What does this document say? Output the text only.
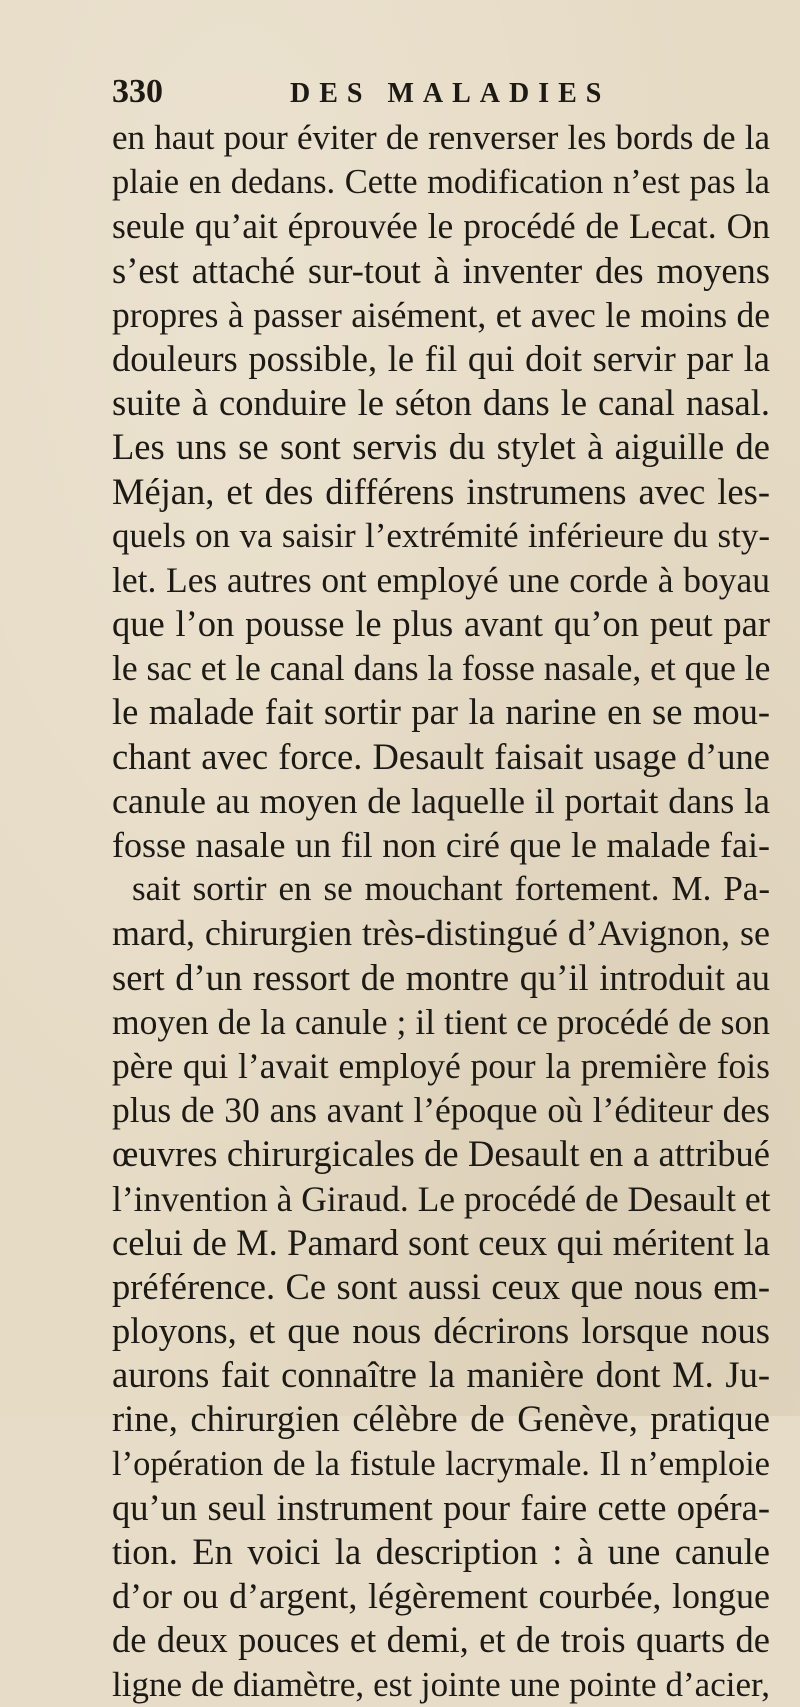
330	DES MALADIES
en haut pour éviter de renverser les bords de la
plaie en dedans. Cette modification n’est pas la
seule qu’ait éprouvée le procédé de Lecat. On
s’est attaché sur-tout à inventer des moyens
propres à passer aisément, et avec le moins de
douleurs possible, le fil qui doit servir par la
suite à conduire le séton dans le canal nasal.
Les uns se sont servis du stylet à aiguille de
Méjan, et des différens instrumens avec les-
quels on va saisir l’extrémité inférieure du sty-
let. Les autres ont employé une corde à boyau
que l’on pousse le plus avant qu’on peut par
le sac et le canal dans la fosse nasale, et que le
le malade fait sortir par la narine en se mou-
chant avec force. Desault faisait usage d’une
canule au moyen de laquelle il portait dans la
fosse nasale un fil non ciré que le malade fai-
sait sortir en se mouchant fortement. M. Pa-
mard, chirurgien très-distingué d’Avignon, se
sert d’un ressort de montre qu’il introduit au
moyen de la canule ; il tient ce procédé de son
père qui l’avait employé pour la première fois
plus de 30 ans avant l’époque où l’éditeur des
œuvres chirurgicales de Desault en a attribué
l’invention à Giraud. Le procédé de Desault et
celui de M. Pamard sont ceux qui méritent la
préférence. Ce sont aussi ceux que nous em-
ployons, et que nous décrirons lorsque nous
aurons fait connaître la manière dont M. Ju-
rine, chirurgien célèbre de Genève, pratique
l’opération de la fistule lacrymale. Il n’emploie
qu’un seul instrument pour faire cette opéra-
tion. En voici la description : à une canule
d’or ou d’argent, légèrement courbée, longue
de deux pouces et demi, et de trois quarts de
ligne de diamètre, est jointe une pointe d’acier,
